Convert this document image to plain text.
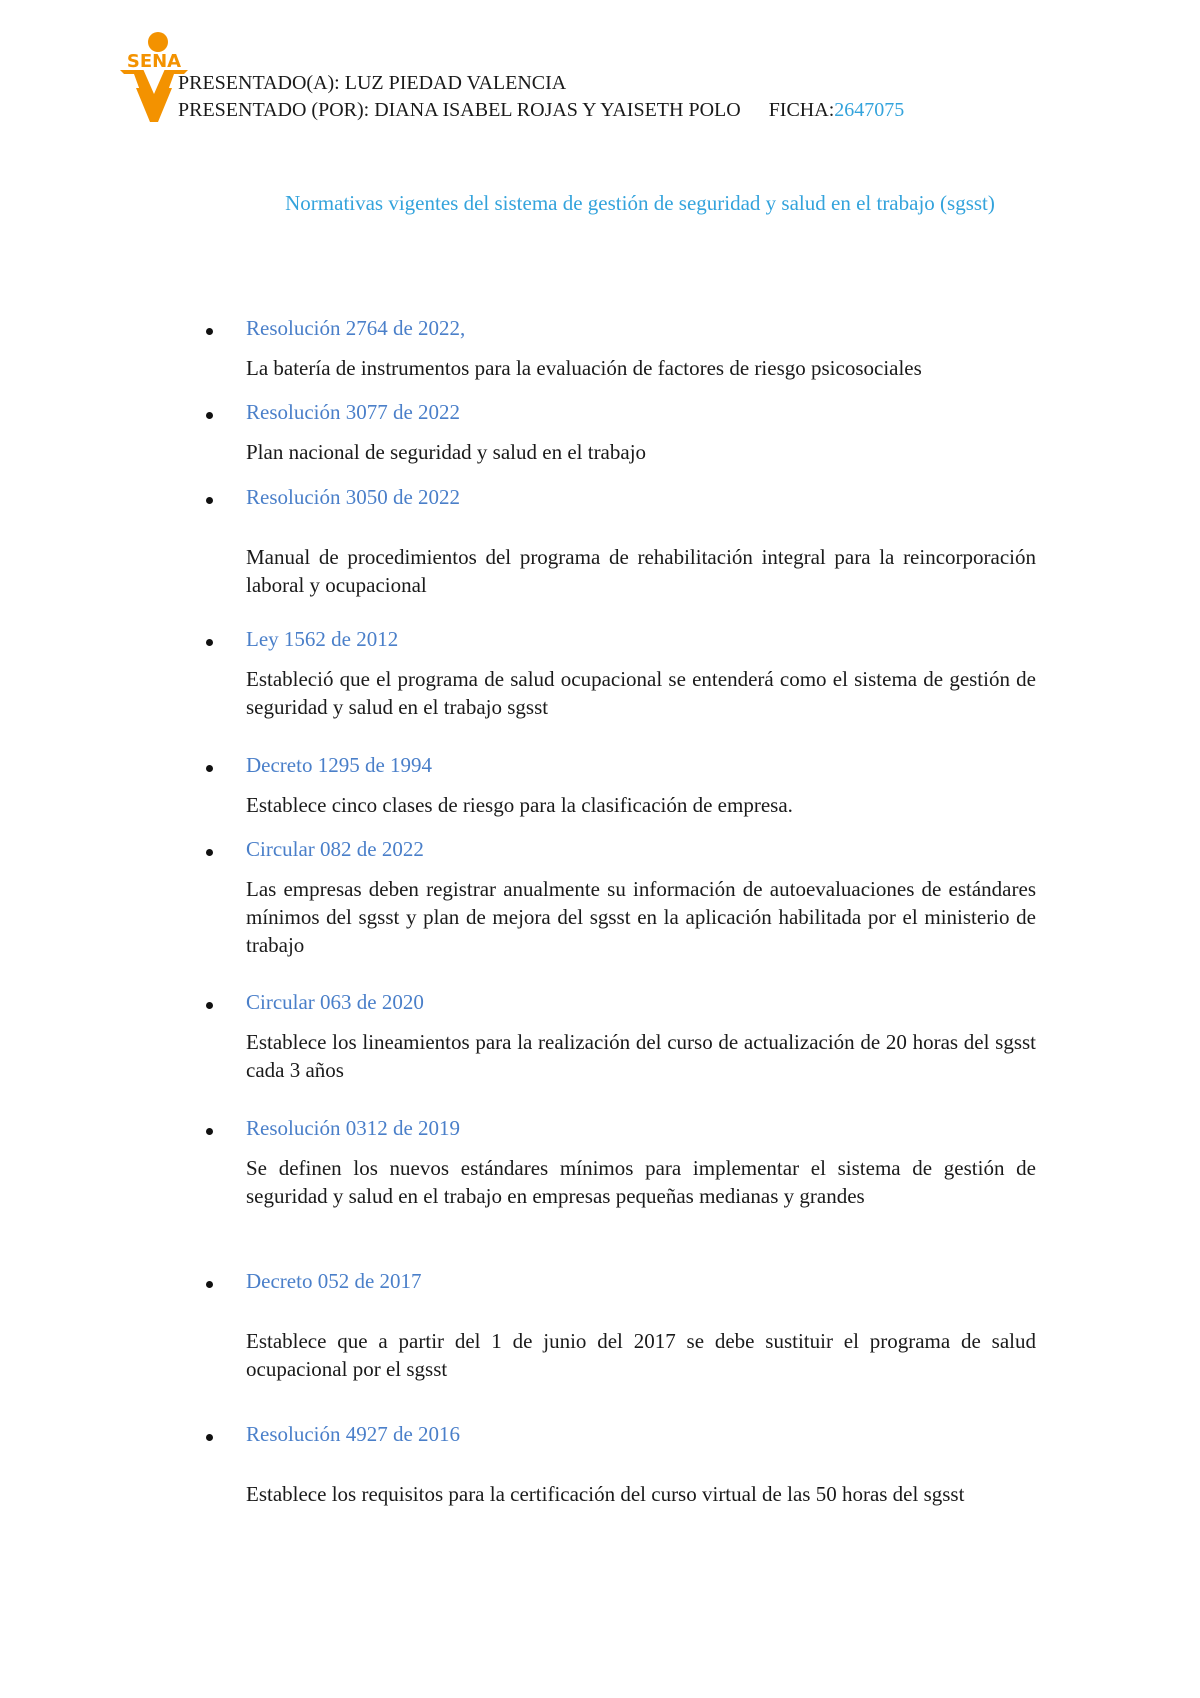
SENA
PRESENTADO(A): LUZ PIEDAD VALENCIA
PRESENTADO (POR): DIANA ISABEL ROJAS Y YAISETH POLO FICHA:2647075
Normativas vigentes del sistema de gestión de seguridad y salud en el trabajo (sgsst)
Resolución 2764 de 2022,
La batería de instrumentos para la evaluación de factores de riesgo psicosociales
Resolución 3077 de 2022
Plan nacional de seguridad y salud en el trabajo
Resolución 3050 de 2022
Manual de procedimientos del programa de rehabilitación integral para la reincorporación laboral y ocupacional
Ley 1562 de 2012
Estableció que el programa de salud ocupacional se entenderá como el sistema de gestión de seguridad y salud en el trabajo sgsst
Decreto 1295 de 1994
Establece cinco clases de riesgo para la clasificación de empresa.
Circular 082 de 2022
Las empresas deben registrar anualmente su información de autoevaluaciones de estándares mínimos del sgsst y plan de mejora del sgsst en la aplicación habilitada por el ministerio de trabajo
Circular 063 de 2020
Establece los lineamientos para la realización del curso de actualización de 20 horas del sgsst cada 3 años
Resolución 0312 de 2019
Se definen los nuevos estándares mínimos para implementar el sistema de gestión de seguridad y salud en el trabajo en empresas pequeñas medianas y grandes
Decreto 052 de 2017
Establece que a partir del 1 de junio del 2017 se debe sustituir el programa de salud ocupacional por el sgsst
Resolución 4927 de 2016
Establece los requisitos para la certificación del curso virtual de las 50 horas del sgsst
